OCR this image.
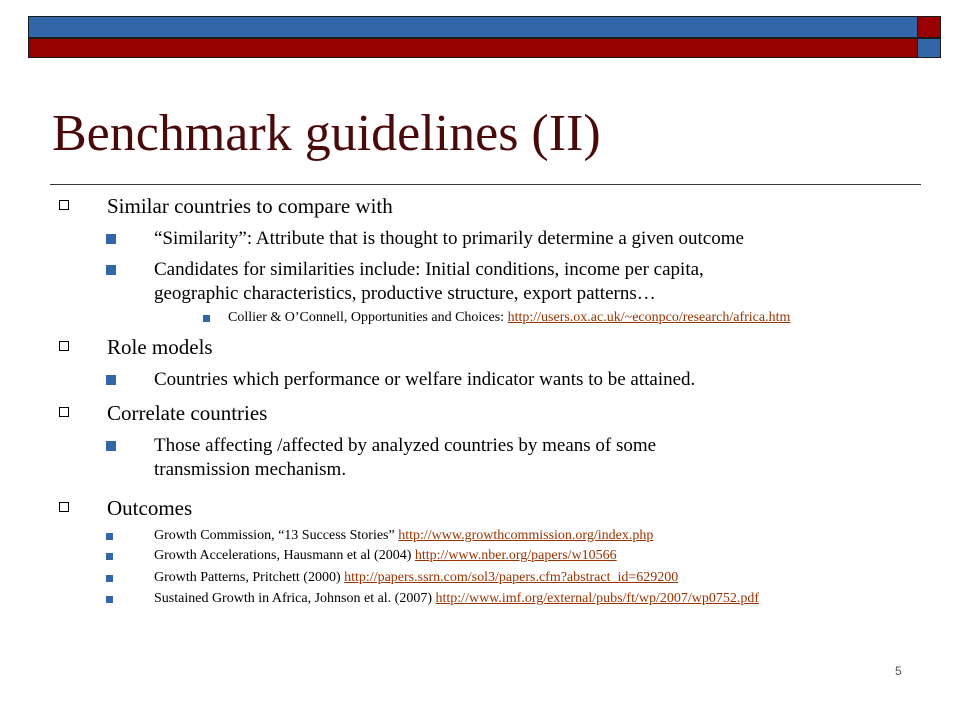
Benchmark guidelines (II)
Similar countries to compare with
“Similarity”: Attribute that is thought to primarily determine a given outcome
Candidates for similarities include: Initial conditions, income per capita,
geographic characteristics, productive structure, export patterns…
Collier & O’Connell, Opportunities and Choices: http://users.ox.ac.uk/~econpco/research/africa.htm
Role models
Countries which performance or welfare indicator wants to be attained.
Correlate countries
Those affecting /affected by analyzed countries by means of some
transmission mechanism.
Outcomes
Growth Commission, “13 Success Stories” http://www.growthcommission.org/index.php
Growth Accelerations, Hausmann et al (2004) http://www.nber.org/papers/w10566
Growth Patterns, Pritchett (2000) http://papers.ssrn.com/sol3/papers.cfm?abstract_id=629200
Sustained Growth in Africa, Johnson et al. (2007) http://www.imf.org/external/pubs/ft/wp/2007/wp0752.pdf
5
